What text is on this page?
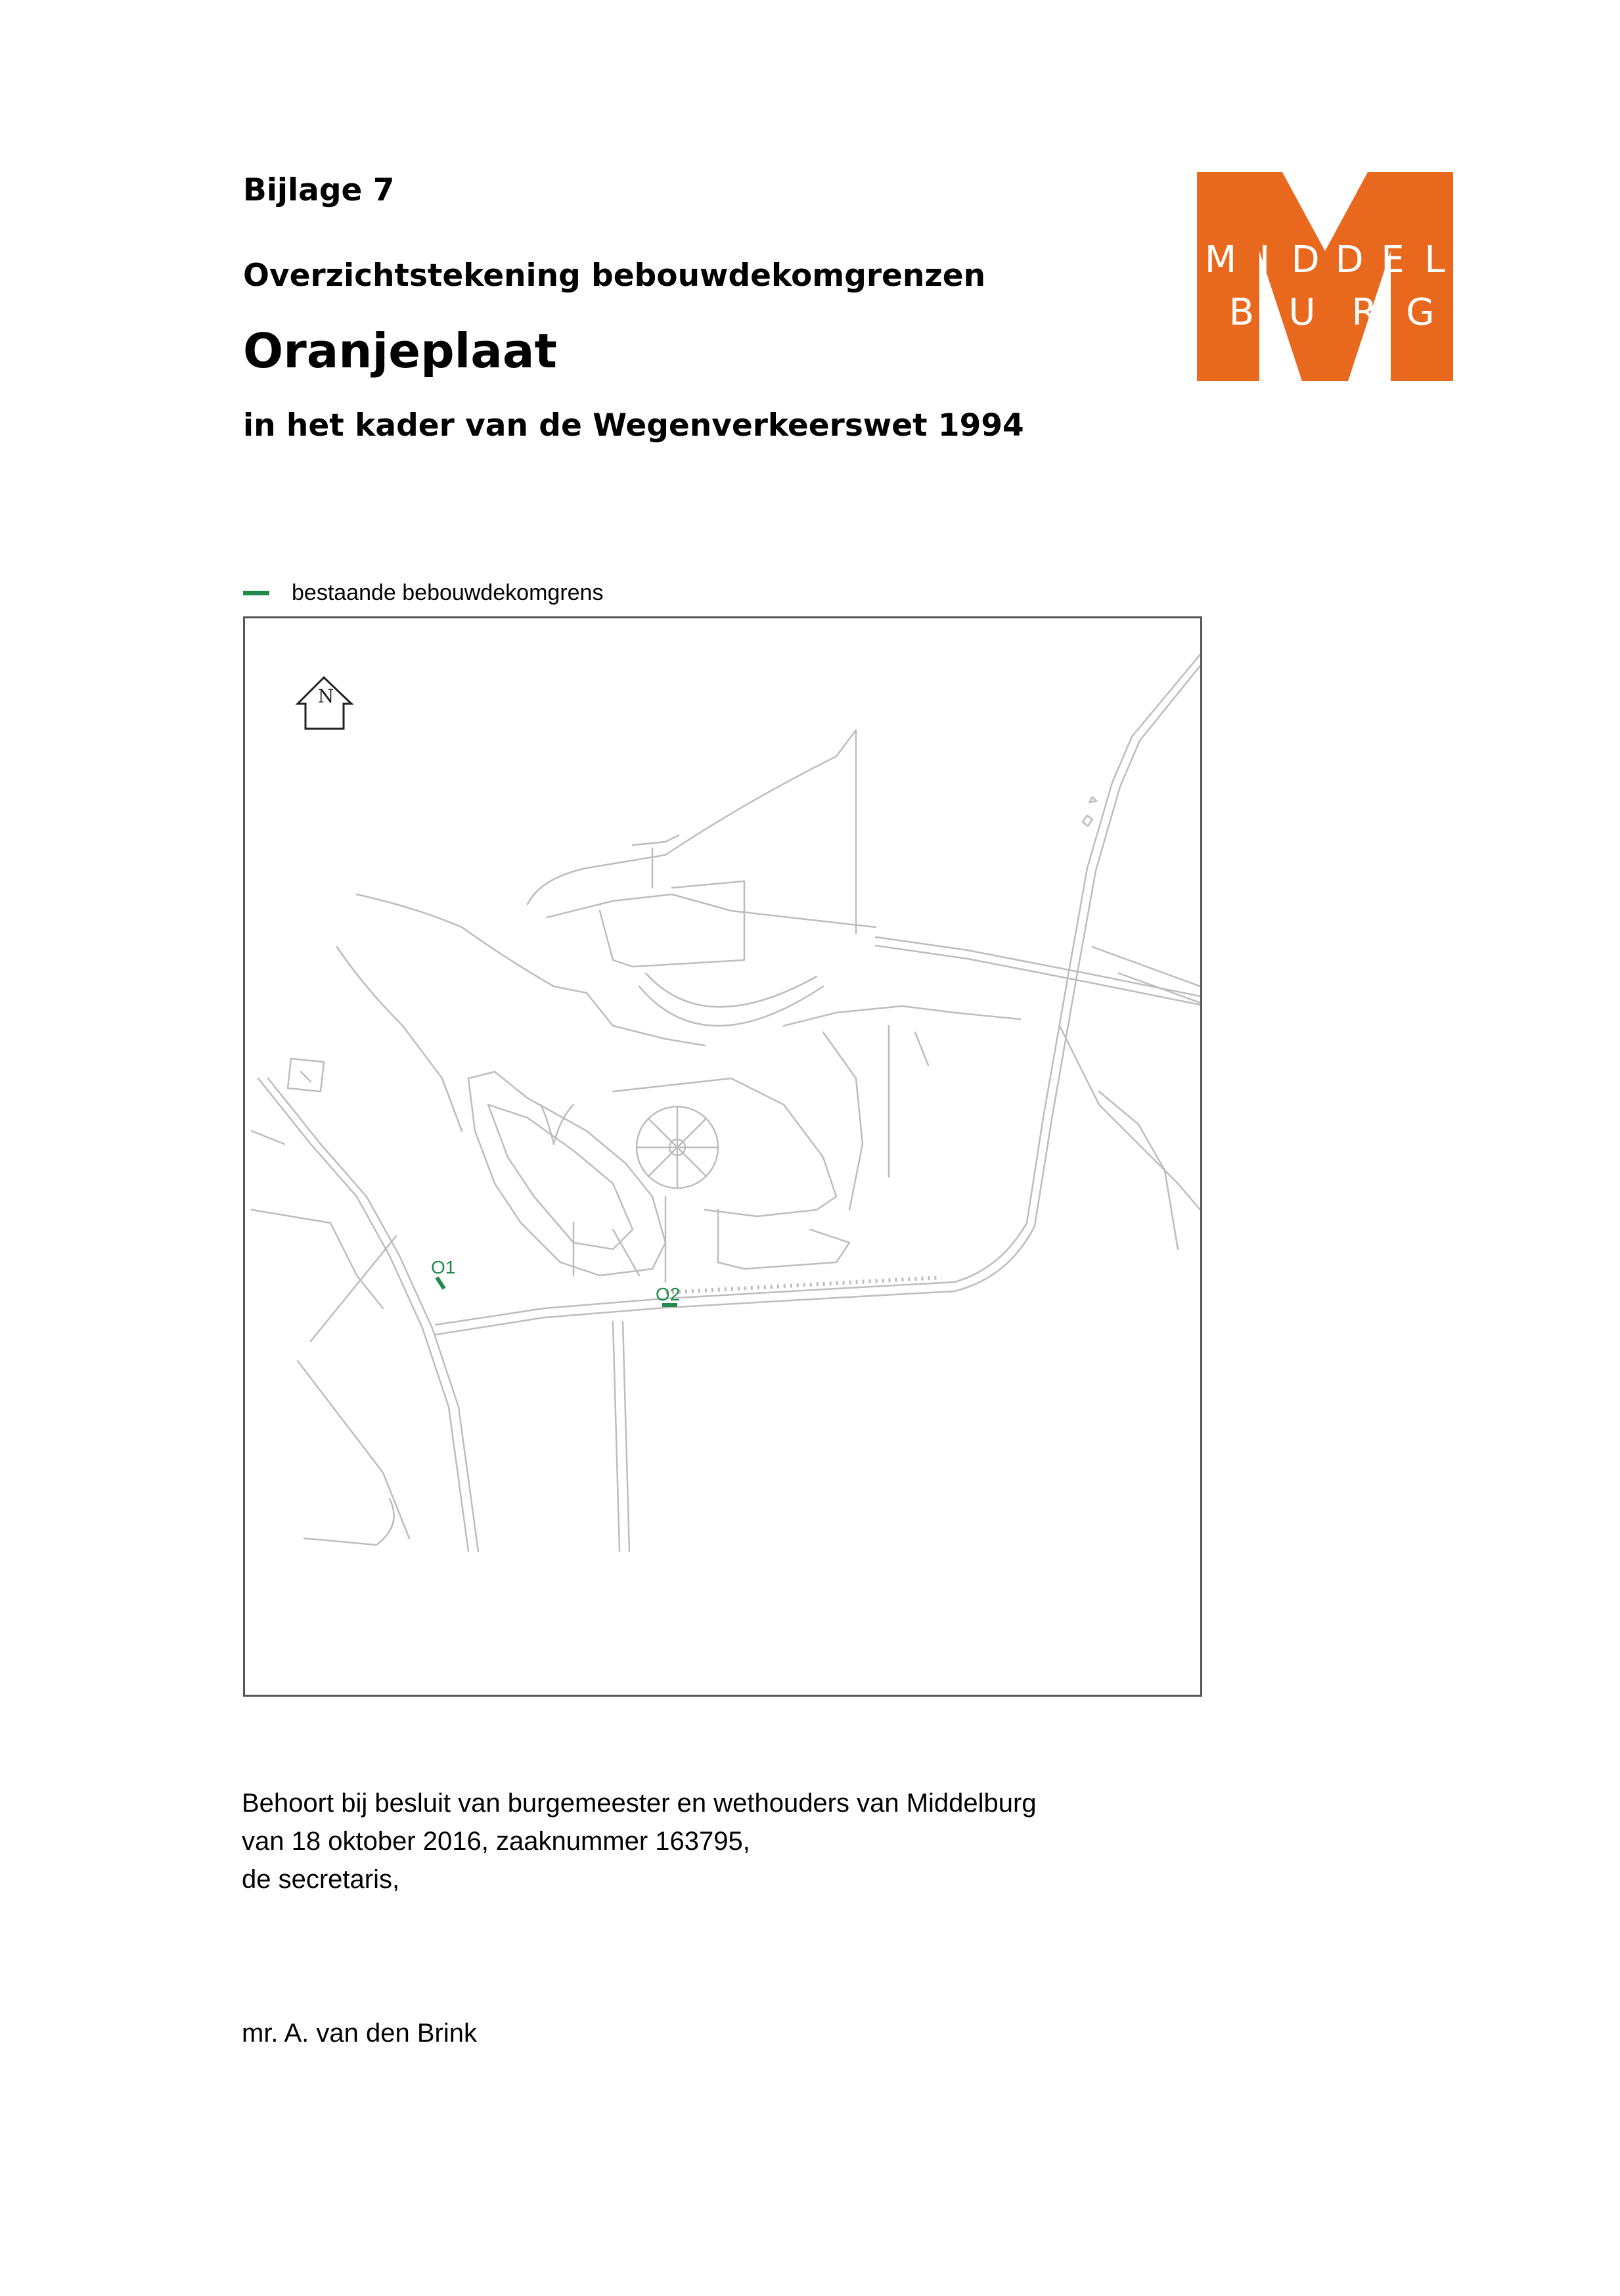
Bijlage 7
Overzichtstekening bebouwdekomgrenzen
Oranjeplaat
in het kader van de Wegenverkeerswet 1994
M I D D E L
B U R G
bestaande bebouwdekomgrens
N
O1
O2

Behoort bij besluit van burgemeester en wethouders van Middelburg

van 18 oktober 2016, zaaknummer 163795,

de secretaris,

mr. A. van den Brink
